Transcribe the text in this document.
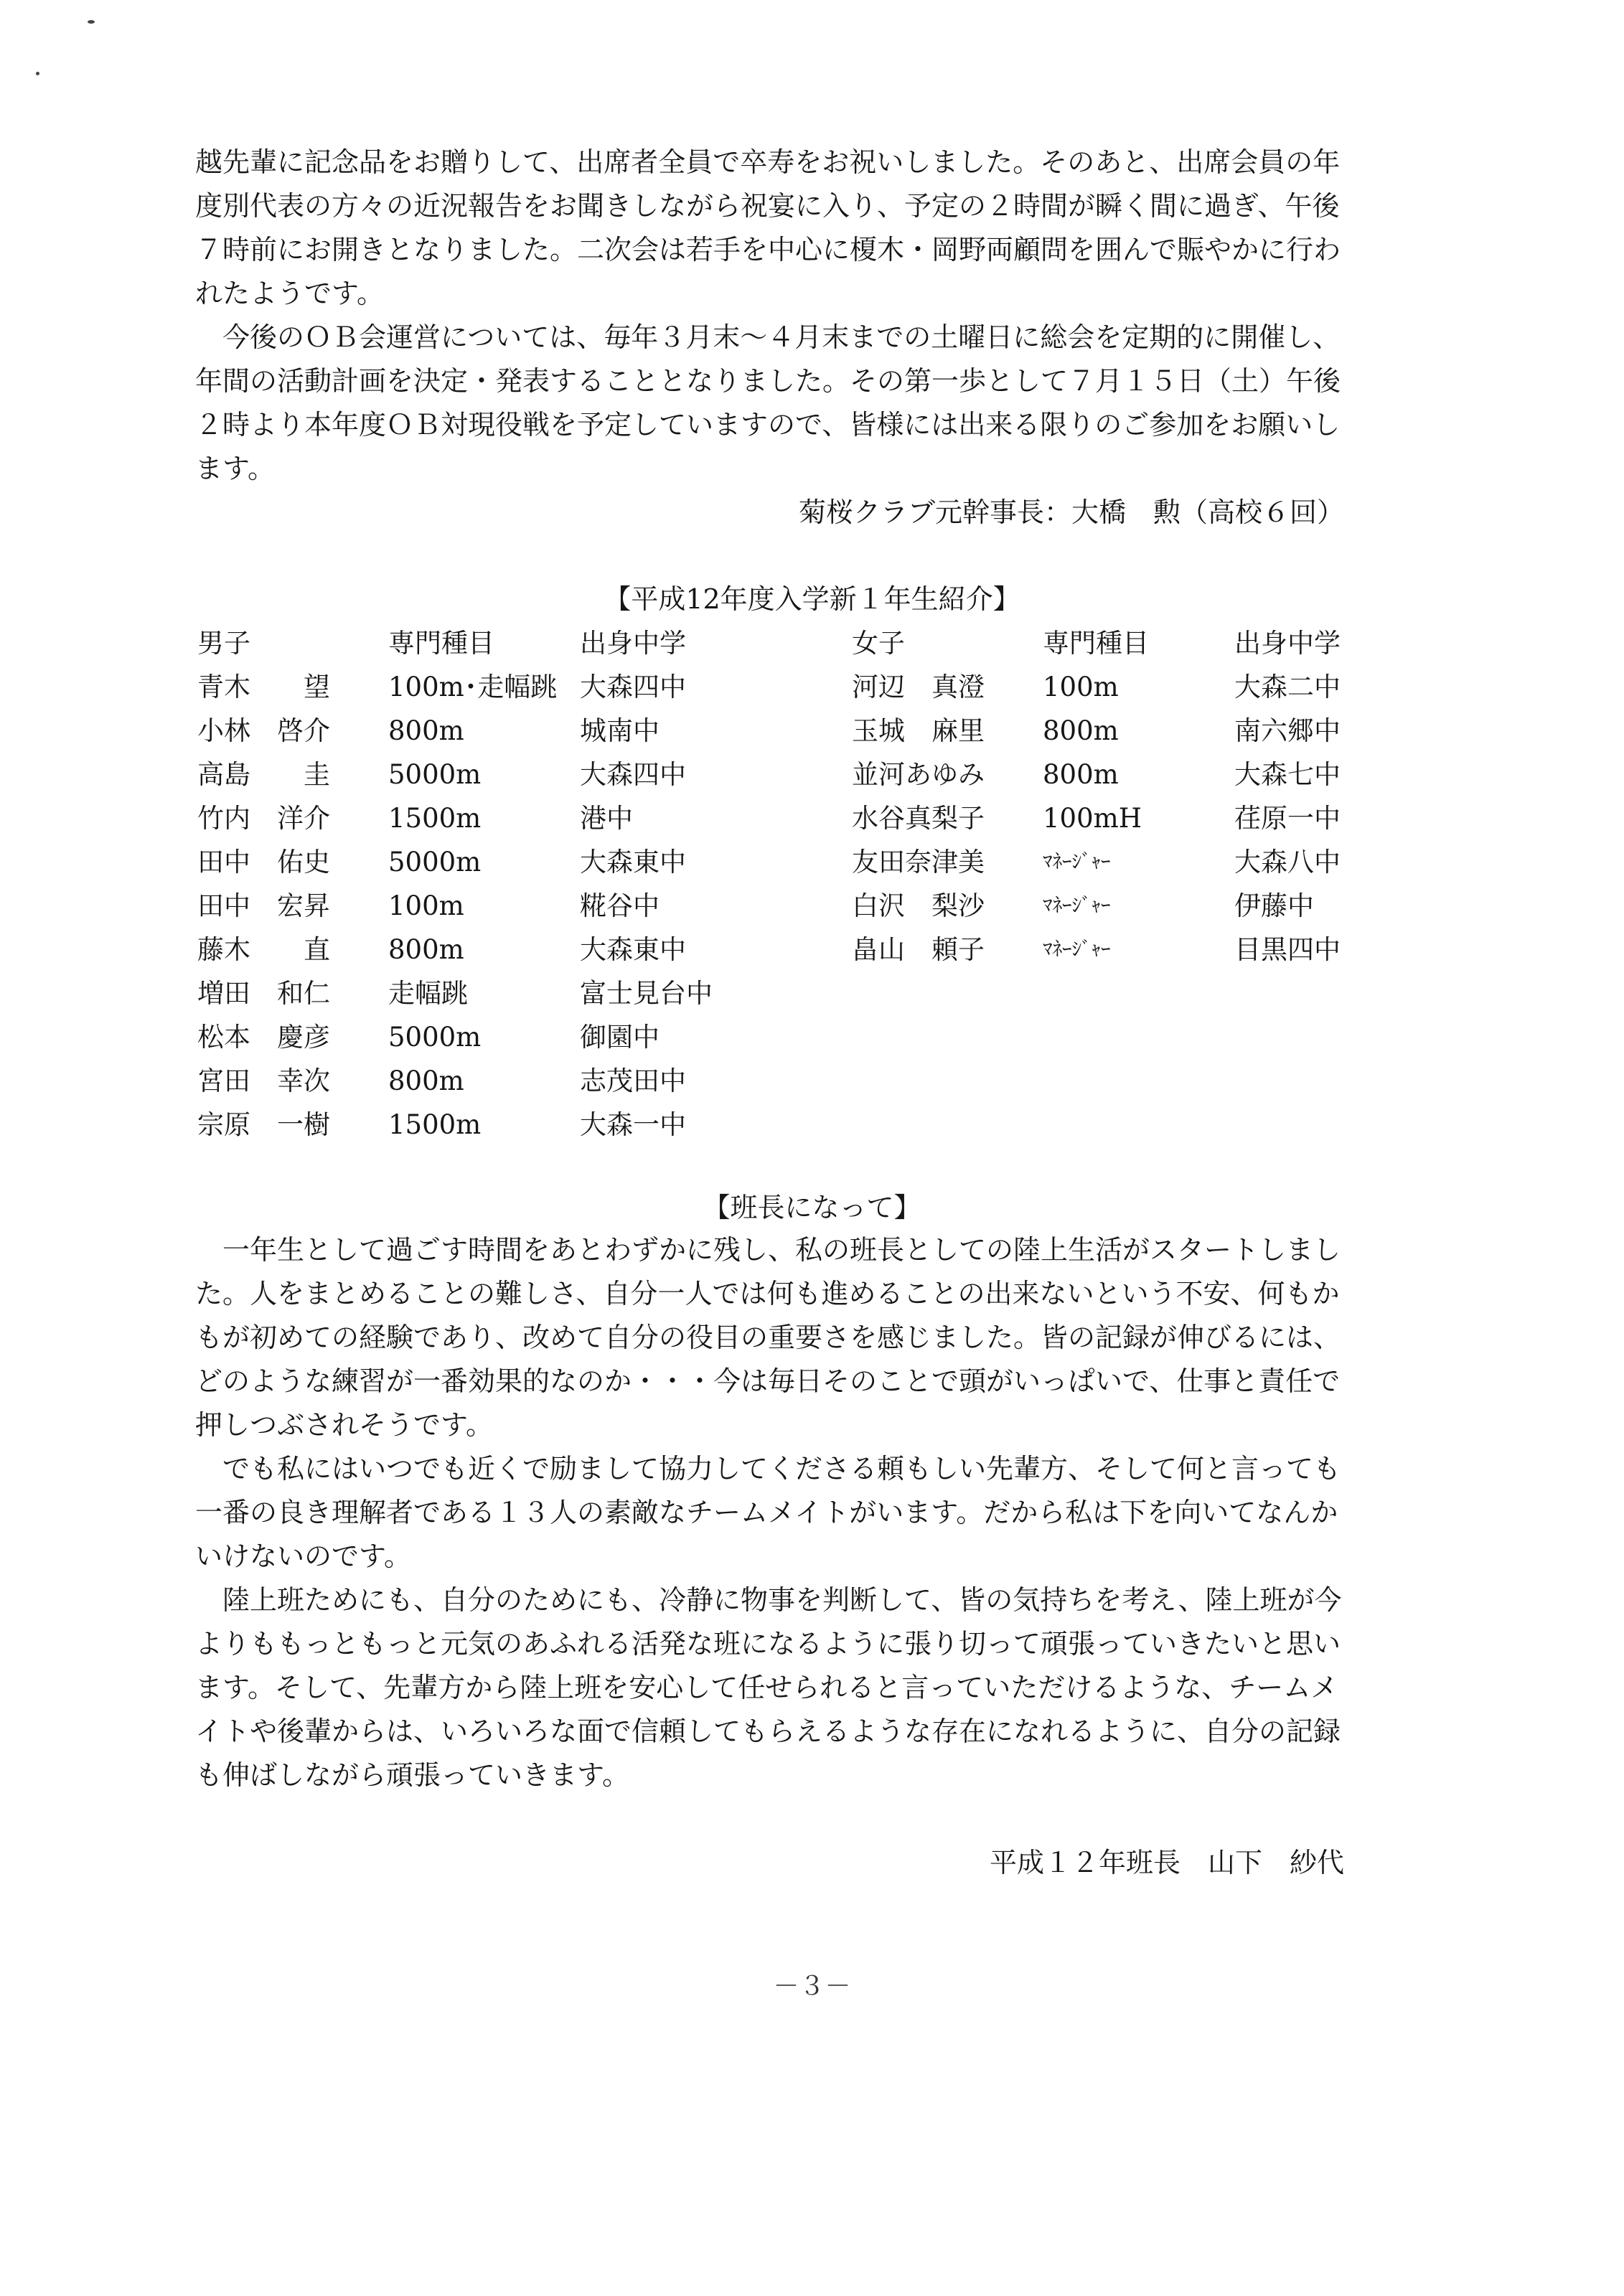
越先輩に記念品をお贈りして、出席者全員で卒寿をお祝いしました。そのあと、出席会員の年度別代表の方々の近況報告をお聞きしながら祝宴に入り、予定の２時間が瞬く間に過ぎ、午後７時前にお開きとなりました。二次会は若手を中心に榎木・岡野両顧問を囲んで賑やかに行われたようです。

今後のＯＢ会運営については、毎年３月末～４月末までの土曜日に総会を定期的に開催し、年間の活動計画を決定・発表することとなりました。その第一歩として７月１５日（土）午後２時より本年度ＯＢ対現役戦を予定していますので、皆様には出来る限りのご参加をお願いします。

菊桜クラブ元幹事長：大橋　勲（高校６回）

【平成12年度入学新１年生紹介】

男子	専門種目	出身中学
青木　　望 100m･走幅跳 大森四中
小林　啓介 800m	城南中
高島　　圭 5000m	大森四中
竹内　洋介 1500m	港中
田中　佑史 5000m	大森東中
田中　宏昇 100m	糀谷中
藤木　　直 800m	大森東中
増田　和仁 走幅跳	富士見台中
松本　慶彦 5000m	御園中
宮田　幸次 800m	志茂田中
宗原　一樹 1500m	大森一中
女子	専門種目	出身中学
河辺　真澄 100m	大森二中
玉城　麻里 800m	南六郷中
並河あゆみ 800m	大森七中
水谷真梨子 100mH	荏原一中
友田奈津美	ﾏﾈｰｼﾞｬｰ	大森八中
白沢　梨沙	ﾏﾈｰｼﾞｬｰ	伊藤中
畠山　頼子	ﾏﾈｰｼﾞｬｰ	目黒四中

【班長になって】

一年生として過ごす時間をあとわずかに残し、私の班長としての陸上生活がスタートしました。人をまとめることの難しさ、自分一人では何も進めることの出来ないという不安、何もかもが初めての経験であり、改めて自分の役目の重要さを感じました。皆の記録が伸びるには、どのような練習が一番効果的なのか・・・今は毎日そのことで頭がいっぱいで、仕事と責任で押しつぶされそうです。

でも私にはいつでも近くで励まして協力してくださる頼もしい先輩方、そして何と言っても一番の良き理解者である１３人の素敵なチームメイトがいます。だから私は下を向いてなんかいけないのです。

陸上班ためにも、自分のためにも、冷静に物事を判断して、皆の気持ちを考え、陸上班が今よりももっともっと元気のあふれる活発な班になるように張り切って頑張っていきたいと思います。そして、先輩方から陸上班を安心して任せられると言っていただけるような、チームメイトや後輩からは、いろいろな面で信頼してもらえるような存在になれるように、自分の記録も伸ばしながら頑張っていきます。

平成１２年班長　山下　紗代

－３－
